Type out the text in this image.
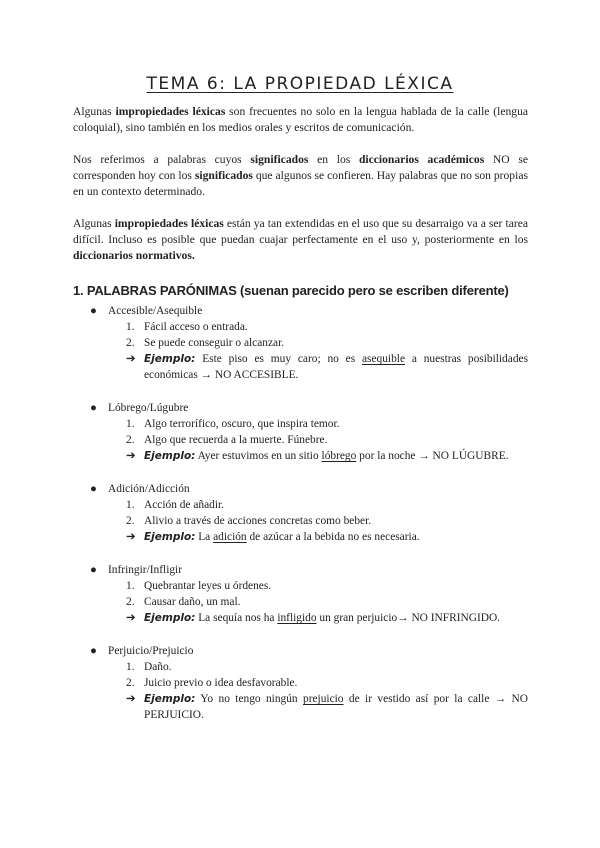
TEMA 6: LA PROPIEDAD LÉXICA

Algunas impropiedades léxicas son frecuentes no solo en la lengua hablada de la calle (lengua coloquial), sino también en los medios orales y escritos de comunicación.

Nos referimos a palabras cuyos significados en los diccionarios académicos NO se corresponden hoy con los significados que algunos se confieren. Hay palabras que no son propias en un contexto determinado.

Algunas impropiedades léxicas están ya tan extendidas en el uso que su desarraigo va a ser tarea difícil. Incluso es posible que puedan cuajar perfectamente en el uso y, posteriormente en los diccionarios normativos.

1. PALABRAS PARÓNIMAS (suenan parecido pero se escriben diferente)
● Accesible/Asequible
1. Fácil acceso o entrada.
2. Se puede conseguir o alcanzar.
➔ Ejemplo: Este piso es muy caro; no es asequible a nuestras posibilidades económicas → NO ACCESIBLE.
● Lóbrego/Lúgubre
1. Algo terrorífico, oscuro, que inspira temor.
2. Algo que recuerda a la muerte. Fúnebre.
➔ Ejemplo: Ayer estuvimos en un sitio lóbrego por la noche → NO LÚGUBRE.
● Adición/Adicción
1. Acción de añadir.
2. Alivio a través de acciones concretas como beber.
➔ Ejemplo: La adición de azúcar a la bebida no es necesaria.
● Infringir/Infligir
1. Quebrantar leyes u órdenes.
2. Causar daño, un mal.
➔ Ejemplo: La sequía nos ha infligido un gran perjuicio→ NO INFRINGIDO.
● Perjuicio/Prejuicio
1. Daño.
2. Juicio previo o idea desfavorable.
➔ Ejemplo: Yo no tengo ningún prejuicio de ir vestido así por la calle → NO PERJUICIO.
